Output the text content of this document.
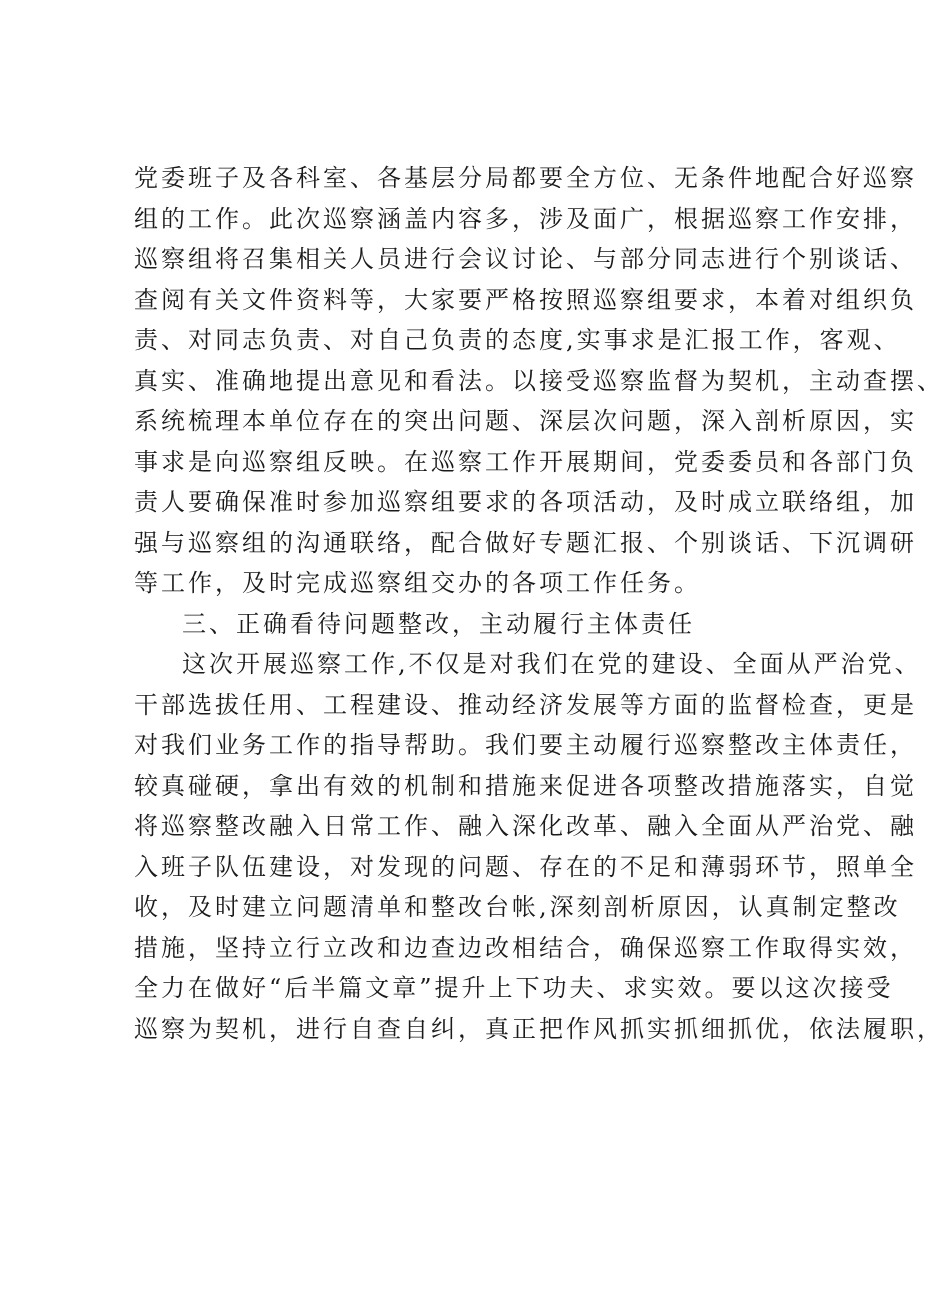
党委班子及各科室、各基层分局都要全方位、无条件地配合好巡察
组的工作。此次巡察涵盖内容多，涉及面广，根据巡察工作安排，
巡察组将召集相关人员进行会议讨论、与部分同志进行个别谈话、
查阅有关文件资料等，大家要严格按照巡察组要求，本着对组织负
责、对同志负责、对自己负责的态度,实事求是汇报工作，客观、
真实、准确地提出意见和看法。以接受巡察监督为契机，主动查摆、
系统梳理本单位存在的突出问题、深层次问题，深入剖析原因，实
事求是向巡察组反映。在巡察工作开展期间，党委委员和各部门负
责人要确保准时参加巡察组要求的各项活动，及时成立联络组，加
强与巡察组的沟通联络，配合做好专题汇报、个别谈话、下沉调研
等工作，及时完成巡察组交办的各项工作任务。
三、正确看待问题整改，主动履行主体责任
这次开展巡察工作,不仅是对我们在党的建设、全面从严治党、
干部选拔任用、工程建设、推动经济发展等方面的监督检查，更是
对我们业务工作的指导帮助。我们要主动履行巡察整改主体责任，
较真碰硬，拿出有效的机制和措施来促进各项整改措施落实，自觉
将巡察整改融入日常工作、融入深化改革、融入全面从严治党、融
入班子队伍建设，对发现的问题、存在的不足和薄弱环节，照单全
收，及时建立问题清单和整改台帐,深刻剖析原因，认真制定整改
措施，坚持立行立改和边查边改相结合，确保巡察工作取得实效，
全力在做好“后半篇文章”提升上下功夫、求实效。要以这次接受
巡察为契机，进行自查自纠，真正把作风抓实抓细抓优，依法履职，
